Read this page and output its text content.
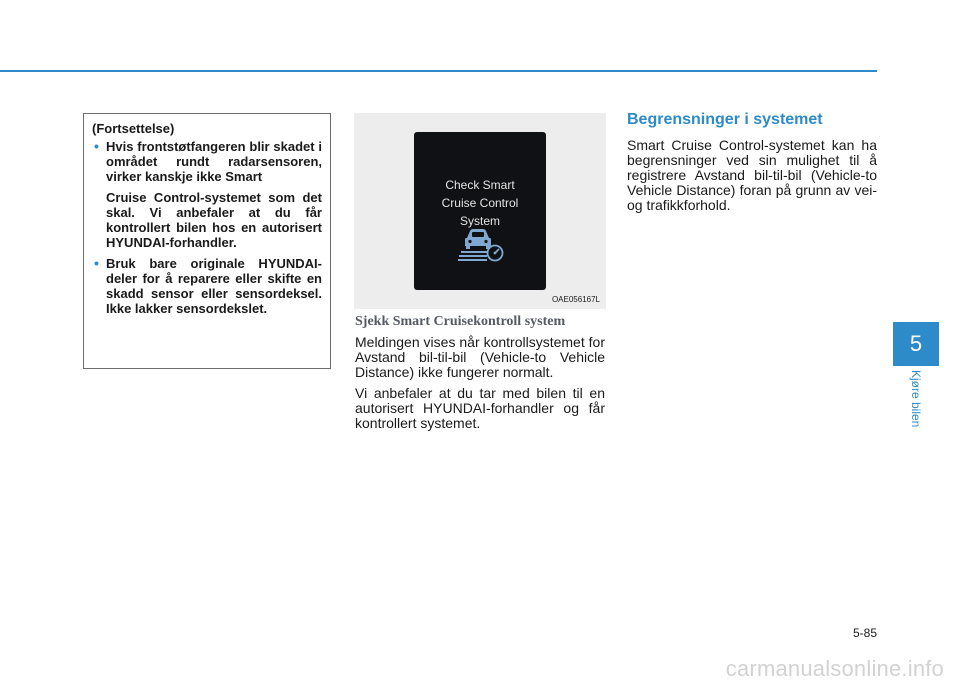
(Fortsettelse)
• Hvis frontstøtfangeren blir skadet i området rundt radarsensoren, virker kanskje ikke Smart

Cruise Control-systemet som det skal. Vi anbefaler at du får kontrollert bilen hos en autorisert HYUNDAI-forhandler.

• Bruk bare originale HYUNDAI-deler for å reparere eller skifte en skadd sensor eller sensordeksel. Ikke lakker sensordekslet.

Check Smart
Cruise Control
System
OAE056167L
Sjekk Smart Cruisekontroll system

Meldingen vises når kontrollsystemet for Avstand bil-til-bil (Vehicle-to Vehicle Distance) ikke fungerer normalt.

Vi anbefaler at du tar med bilen til en autorisert HYUNDAI-forhandler og får kontrollert systemet.

Begrensninger i systemet

Smart Cruise Control-systemet kan ha begrensninger ved sin mulighet til å registrere Avstand bil-til-bil (Vehicle-to Vehicle Distance) foran på grunn av vei- og trafikkforhold.

5
Kjøre bilen
5-85
carmanualsonline.info
